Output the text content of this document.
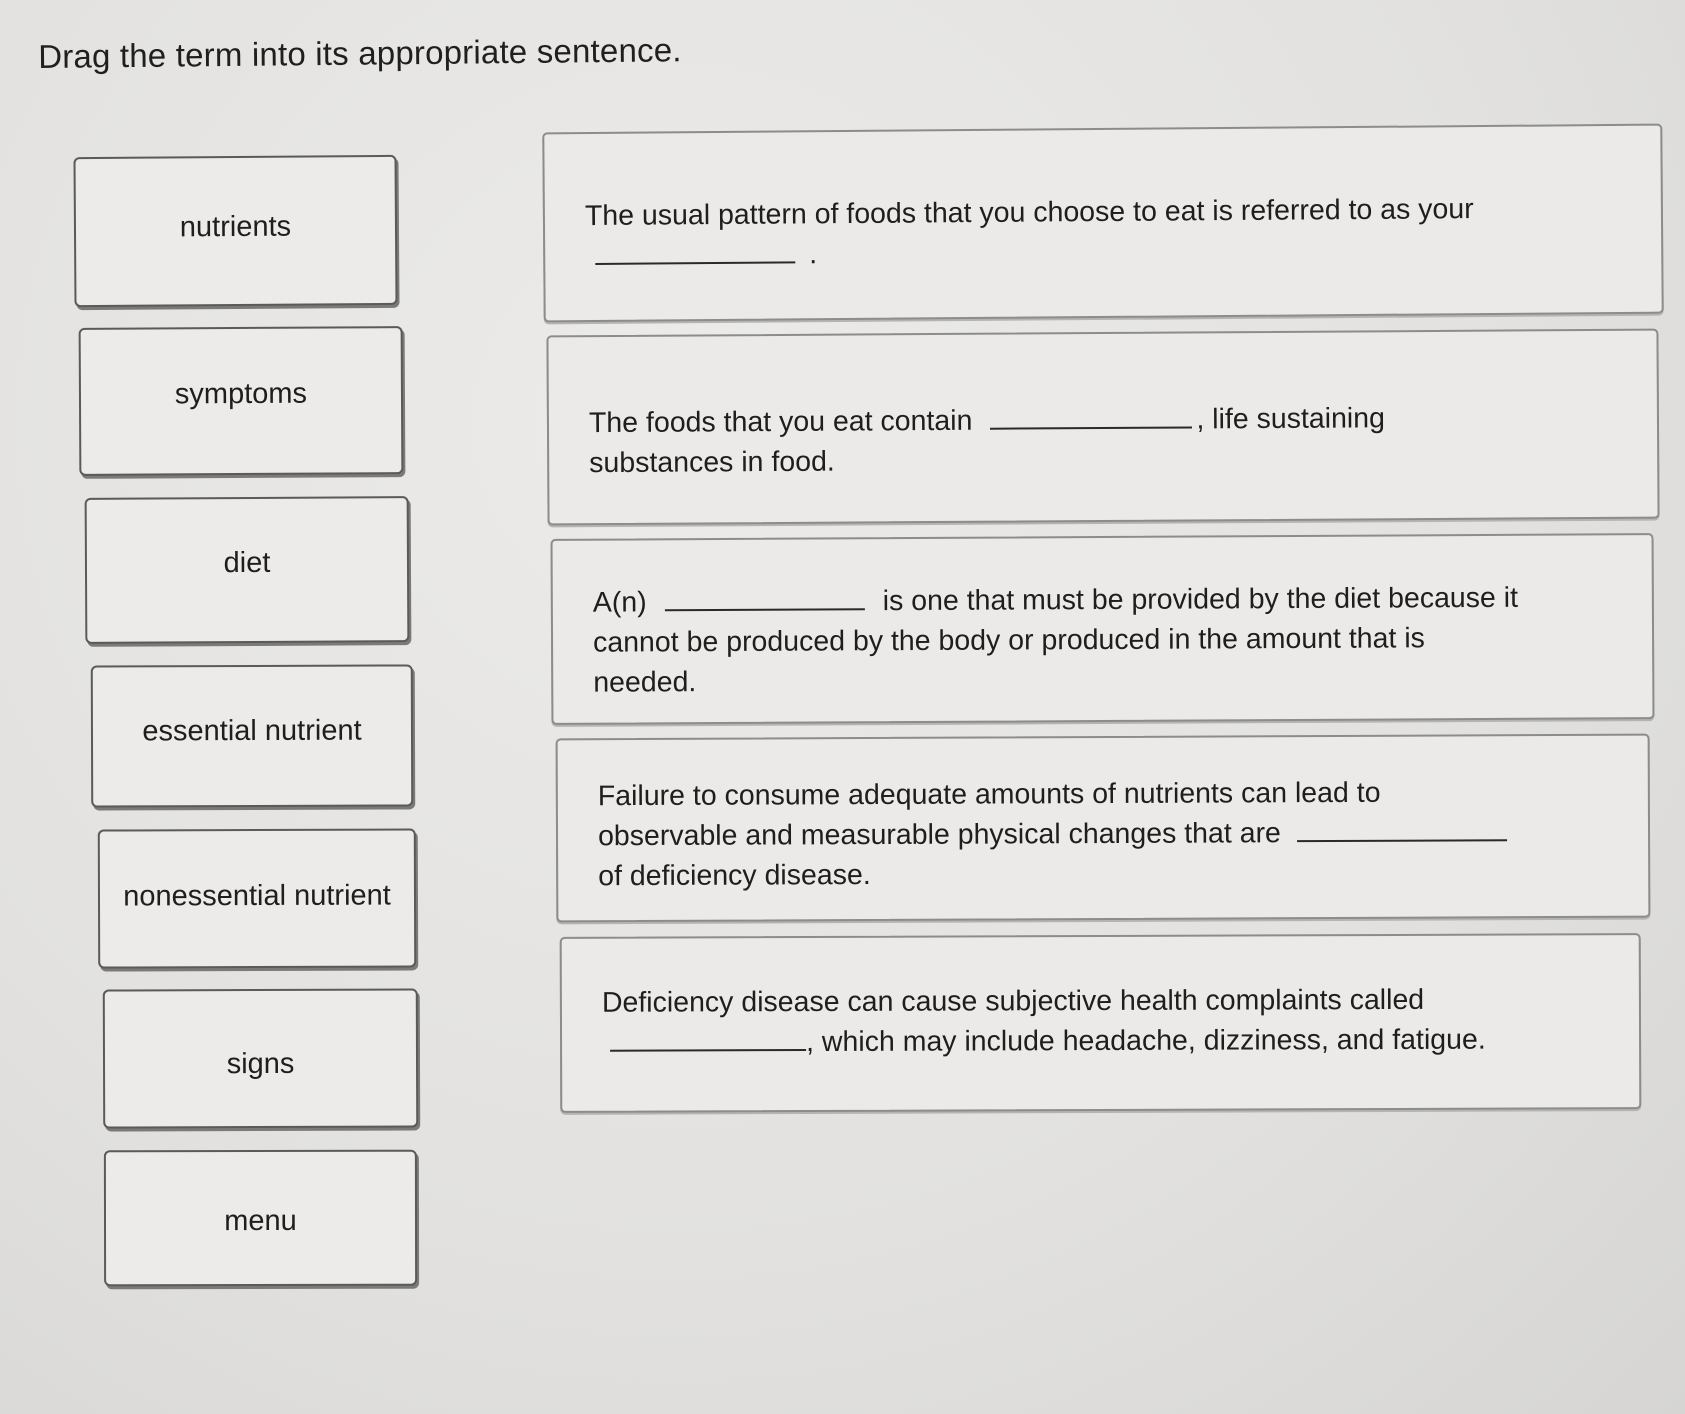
Drag the term into its appropriate sentence.
nutrients
symptoms
diet
essential nutrient
nonessential nutrient
signs
menu
The usual pattern of foods that you choose to eat is referred to as your
.
The foods that you eat contain	, life sustaining
substances in food.
A(n)	is one that must be provided by the diet because it
cannot be produced by the body or produced in the amount that is
needed.
Failure to consume adequate amounts of nutrients can lead to
observable and measurable physical changes that are
of deficiency disease.
Deficiency disease can cause subjective health complaints called
, which may include headache, dizziness, and fatigue.
